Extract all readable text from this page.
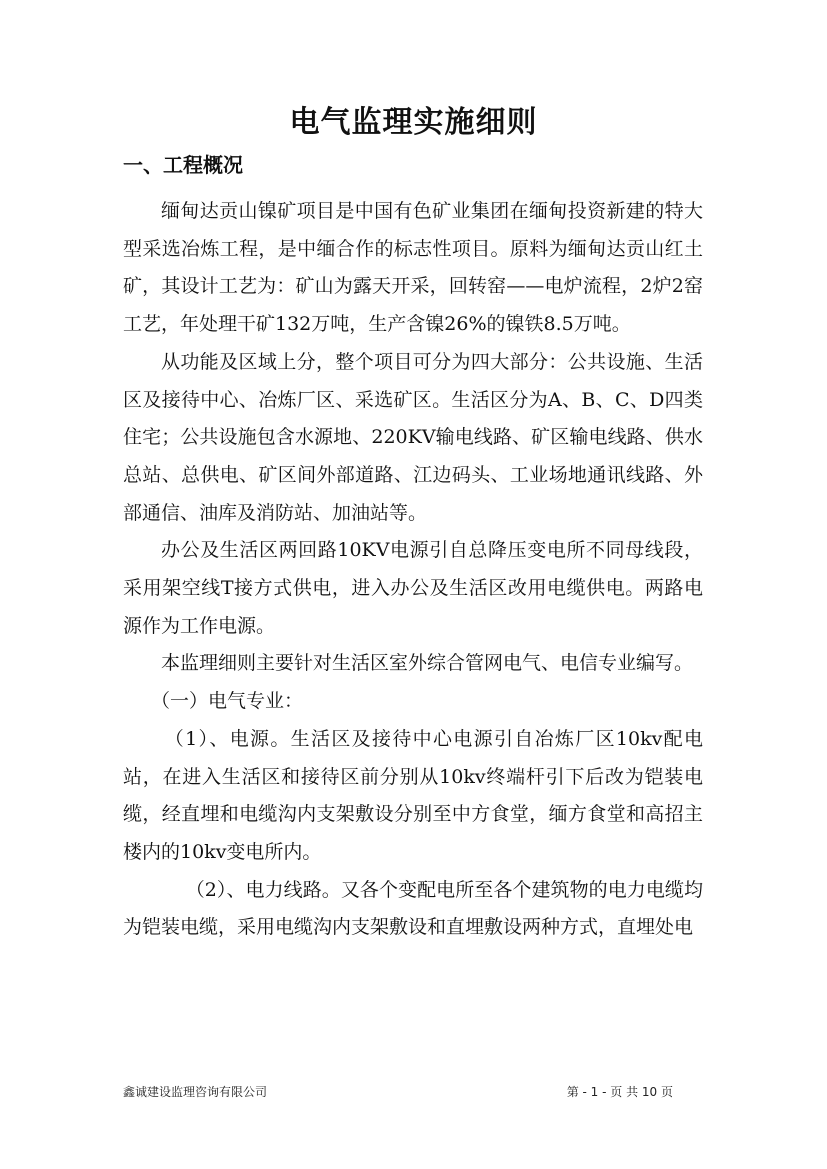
电气监理实施细则
一、工程概况

缅甸达贡山镍矿项目是中国有色矿业集团在缅甸投资新建的特大型采选冶炼工程，是中缅合作的标志性项目。原料为缅甸达贡山红土矿，其设计工艺为：矿山为露天开采，回转窑——电炉流程，2炉2窑工艺，年处理干矿132万吨，生产含镍26%的镍铁8.5万吨。

从功能及区域上分，整个项目可分为四大部分：公共设施、生活区及接待中心、冶炼厂区、采选矿区。生活区分为A、B、C、D四类住宅；公共设施包含水源地、220KV输电线路、矿区输电线路、供水总站、总供电、矿区间外部道路、江边码头、工业场地通讯线路、外部通信、油库及消防站、加油站等。

办公及生活区两回路10KV电源引自总降压变电所不同母线段，采用架空线T接方式供电，进入办公及生活区改用电缆供电。两路电源作为工作电源。

本监理细则主要针对生活区室外综合管网电气、电信专业编写。

（一）电气专业：

（1）、电源。生活区及接待中心电源引自冶炼厂区10kv配电站，在进入生活区和接待区前分别从10kv终端杆引下后改为铠装电缆，经直埋和电缆沟内支架敷设分别至中方食堂，缅方食堂和高招主楼内的10kv变电所内。

（2）、电力线路。又各个变配电所至各个建筑物的电力电缆均为铠装电缆，采用电缆沟内支架敷设和直埋敷设两种方式，直埋处电

鑫诚建设监理咨询有限公司	第 - 1 - 页 共 10 页
